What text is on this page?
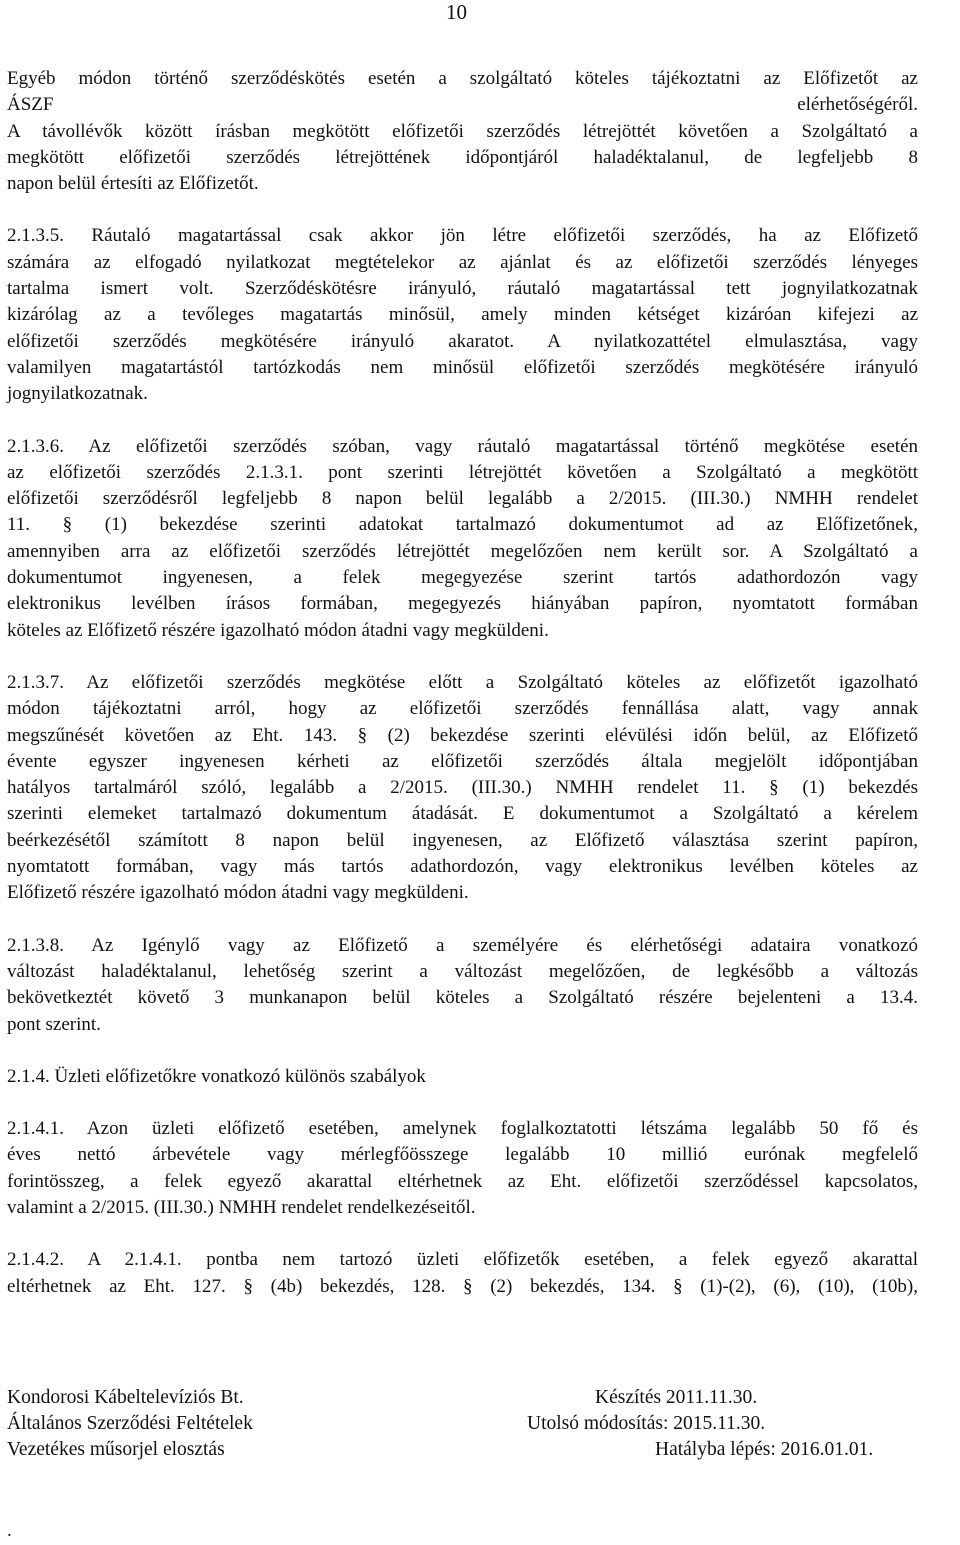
10
Egyéb módon történő szerződéskötés esetén a szolgáltató köteles tájékoztatni az Előfizetőt az
ÁSZF elérhetőségéről.
A távollévők között írásban megkötött előfizetői szerződés létrejöttét követően a Szolgáltató a
megkötött előfizetői szerződés létrejöttének időpontjáról haladéktalanul, de legfeljebb 8
napon belül értesíti az Előfizetőt.
2.1.3.5. Ráutaló magatartással csak akkor jön létre előfizetői szerződés, ha az Előfizető
számára az elfogadó nyilatkozat megtételekor az ajánlat és az előfizetői szerződés lényeges
tartalma ismert volt. Szerződéskötésre irányuló, ráutaló magatartással tett jognyilatkozatnak
kizárólag az a tevőleges magatartás minősül, amely minden kétséget kizáróan kifejezi az
előfizetői szerződés megkötésére irányuló akaratot. A nyilatkozattétel elmulasztása, vagy
valamilyen magatartástól tartózkodás nem minősül előfizetői szerződés megkötésére irányuló
jognyilatkozatnak.
2.1.3.6. Az előfizetői szerződés szóban, vagy ráutaló magatartással történő megkötése esetén
az előfizetői szerződés 2.1.3.1. pont szerinti létrejöttét követően a Szolgáltató a megkötött
előfizetői szerződésről legfeljebb 8 napon belül legalább a 2/2015. (III.30.) NMHH rendelet
11. § (1) bekezdése szerinti adatokat tartalmazó dokumentumot ad az Előfizetőnek,
amennyiben arra az előfizetői szerződés létrejöttét megelőzően nem került sor. A Szolgáltató a
dokumentumot ingyenesen, a felek megegyezése szerint tartós adathordozón vagy
elektronikus levélben írásos formában, megegyezés hiányában papíron, nyomtatott formában
köteles az Előfizető részére igazolható módon átadni vagy megküldeni.
2.1.3.7. Az előfizetői szerződés megkötése előtt a Szolgáltató köteles az előfizetőt igazolható
módon tájékoztatni arról, hogy az előfizetői szerződés fennállása alatt, vagy annak
megszűnését követően az Eht. 143. § (2) bekezdése szerinti elévülési időn belül, az Előfizető
évente egyszer ingyenesen kérheti az előfizetői szerződés általa megjelölt időpontjában
hatályos tartalmáról szóló, legalább a 2/2015. (III.30.) NMHH rendelet 11. § (1) bekezdés
szerinti elemeket tartalmazó dokumentum átadását. E dokumentumot a Szolgáltató a kérelem
beérkezésétől számított 8 napon belül ingyenesen, az Előfizető választása szerint papíron,
nyomtatott formában, vagy más tartós adathordozón, vagy elektronikus levélben köteles az
Előfizető részére igazolható módon átadni vagy megküldeni.
2.1.3.8. Az Igénylő vagy az Előfizető a személyére és elérhetőségi adataira vonatkozó
változást haladéktalanul, lehetőség szerint a változást megelőzően, de legkésőbb a változás
bekövetkeztét követő 3 munkanapon belül köteles a Szolgáltató részére bejelenteni a 13.4.
pont szerint.
2.1.4. Üzleti előfizetőkre vonatkozó különös szabályok
2.1.4.1. Azon üzleti előfizető esetében, amelynek foglalkoztatotti létszáma legalább 50 fő és
éves nettó árbevétele vagy mérlegfőösszege legalább 10 millió eurónak megfelelő
forintösszeg, a felek egyező akarattal eltérhetnek az Eht. előfizetői szerződéssel kapcsolatos,
valamint a 2/2015. (III.30.) NMHH rendelet rendelkezéseitől.
2.1.4.2. A 2.1.4.1. pontba nem tartozó üzleti előfizetők esetében, a felek egyező akarattal
eltérhetnek az Eht. 127. § (4b) bekezdés, 128. § (2) bekezdés, 134. § (1)-(2), (6), (10), (10b),
Kondorosi Kábeltelevíziós Bt.	Készítés 2011.11.30.
Általános Szerződési Feltételek	Utolsó módosítás: 2015.11.30.
Vezetékes műsorjel elosztás	Hatályba lépés: 2016.01.01.
.
